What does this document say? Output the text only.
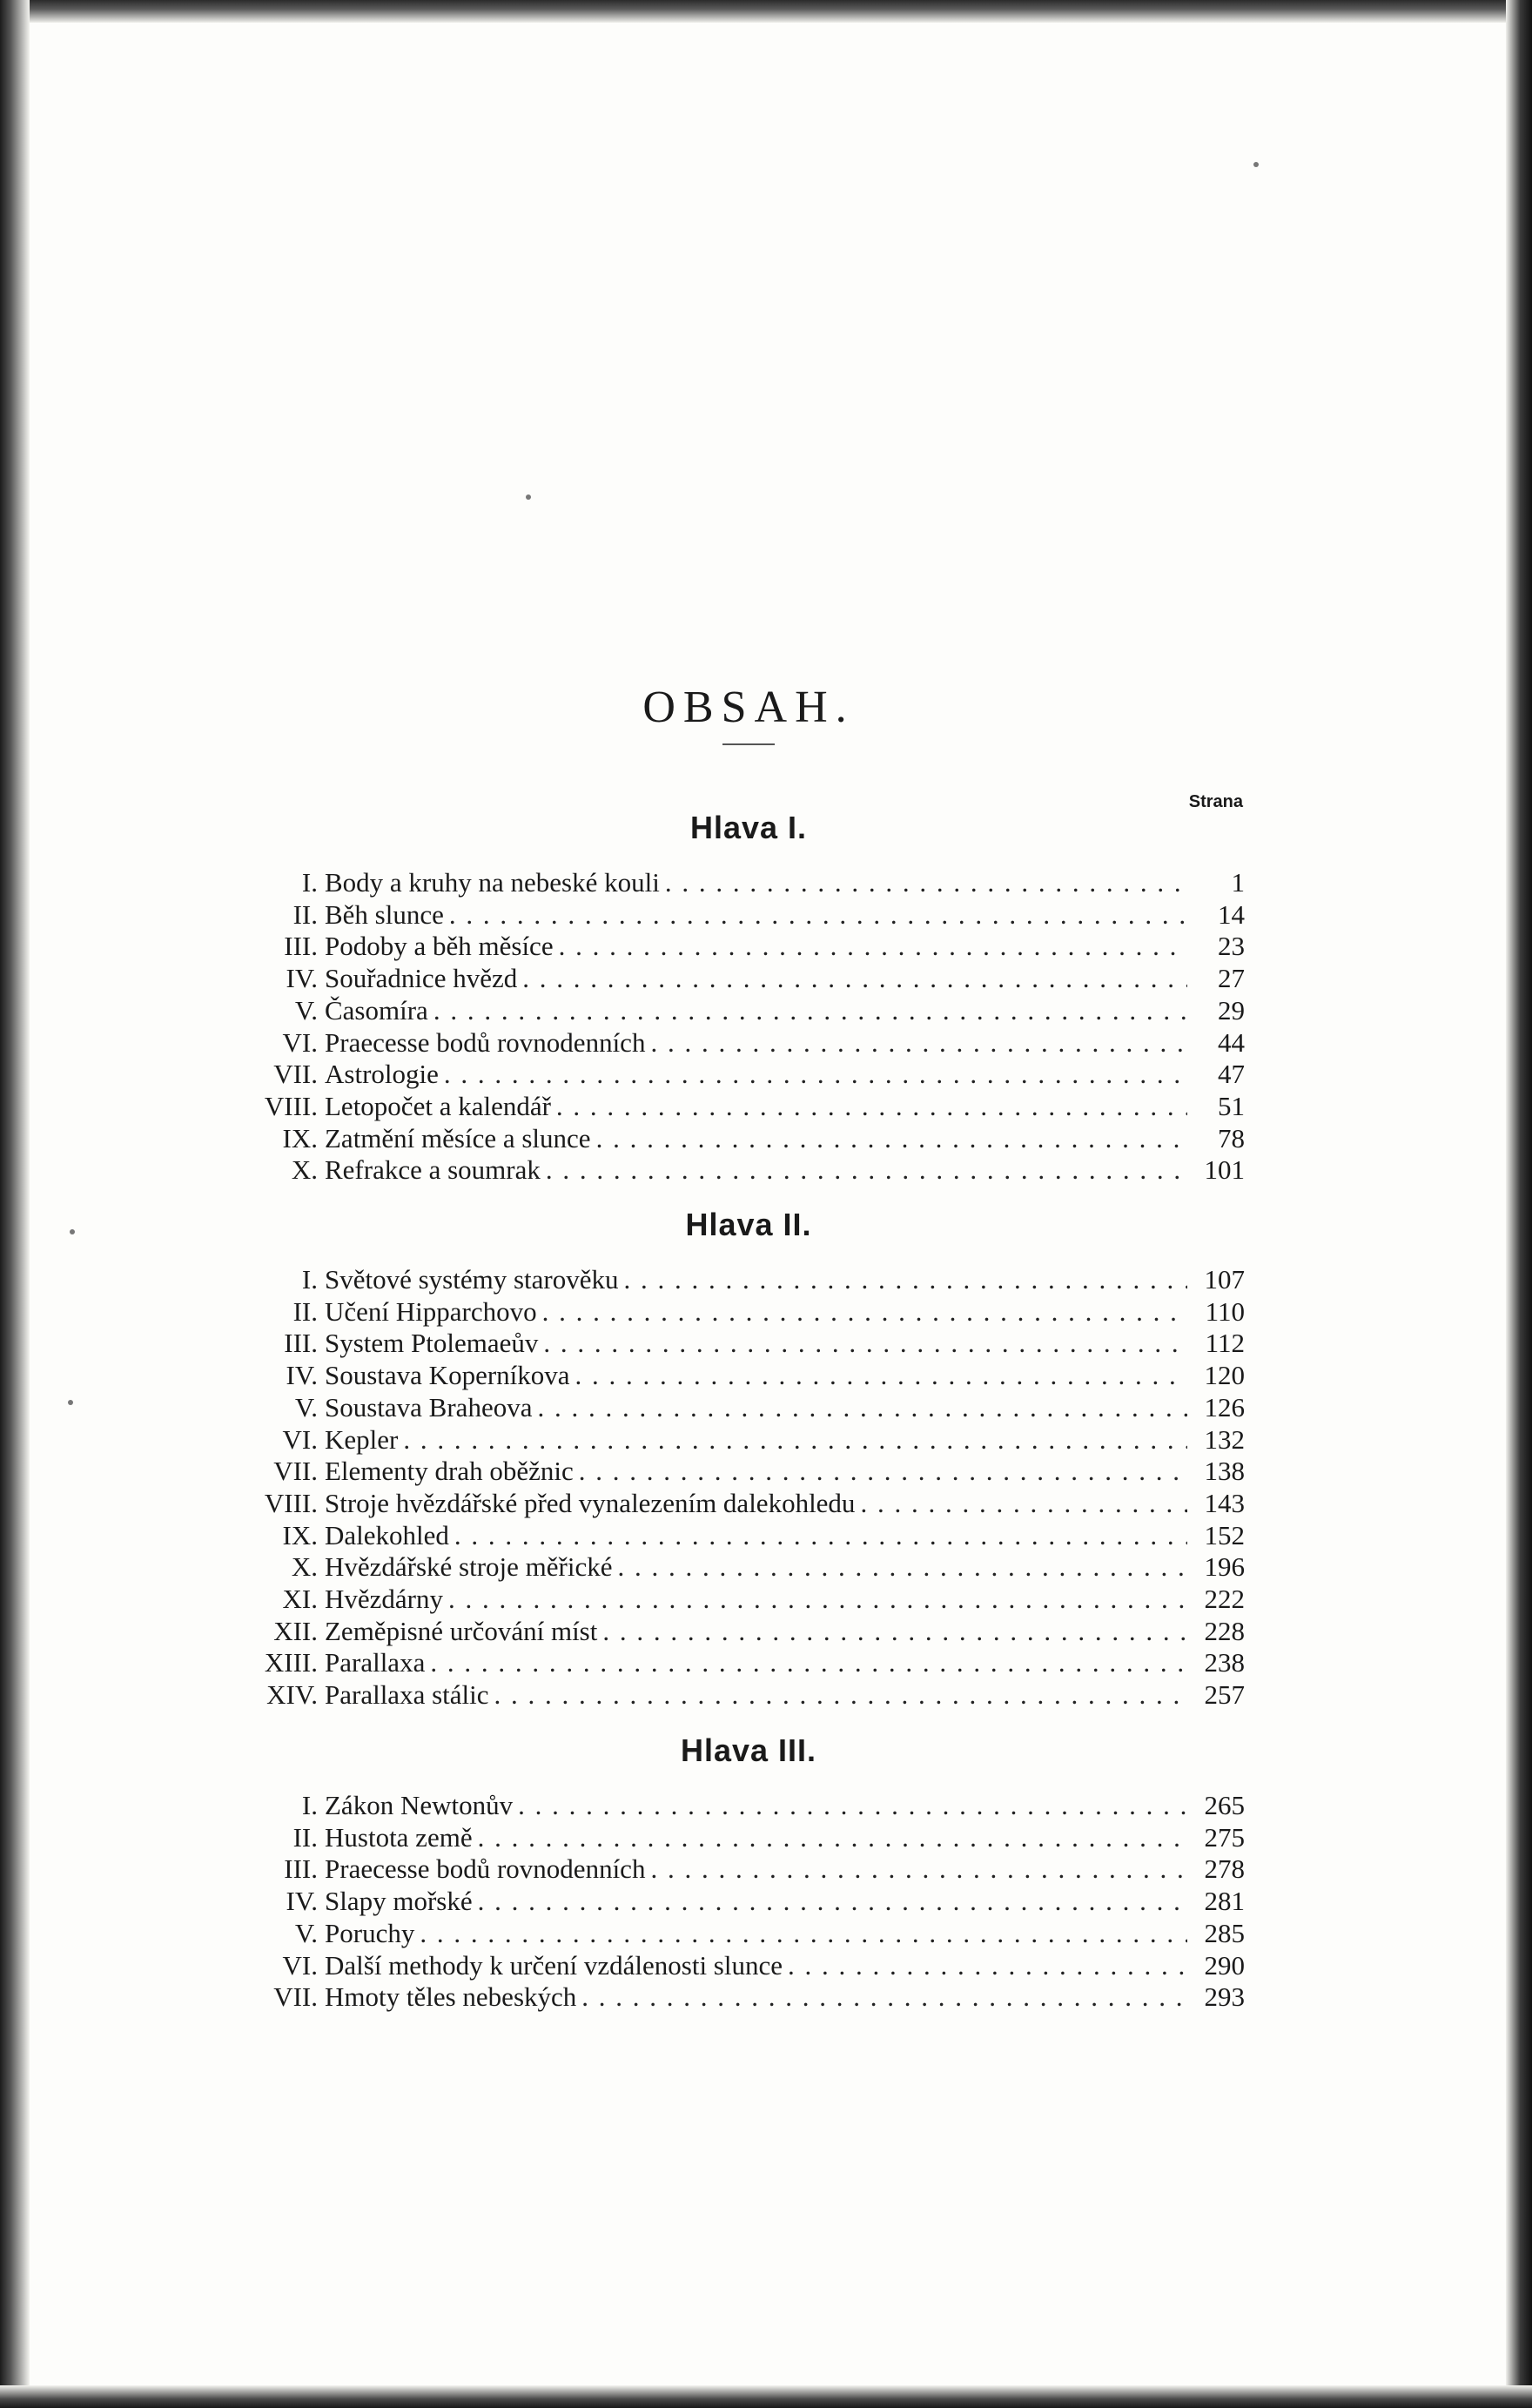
OBSAH.
Strana
Hlava I.
I. Body a kruhy na nebeské kouli . . .	1
II. Běh slunce . . .	14
III. Podoby a běh měsíce . . .	23
IV. Souřadnice hvězd . . .	27
V. Časomíra . . .	29
VI. Praecesse bodů rovnodenních . . .	44
VII. Astrologie . . .	47
VIII. Letopočet a kalendář . . .	51
IX. Zatmění měsíce a slunce . . .	78
X. Refrakce a soumrak . . .	101
Hlava II.
I. Světové systémy starověku . . .	107
II. Učení Hipparchovo . . .	110
III. System Ptolemaeův . . .	112
IV. Soustava Koperníkova . . .	120
V. Soustava Braheova . . .	126
VI. Kepler . . .	132
VII. Elementy drah oběžnic . . .	138
VIII. Stroje hvězdářské před vynalezením dalekohledu . . .	143
IX. Dalekohled . . .	152
X. Hvězdářské stroje měřické . . .	196
XI. Hvězdárny . . .	222
XII. Zeměpisné určování míst . . .	228
XIII. Parallaxa . . .	238
XIV. Parallaxa stálic . . .	257
Hlava III.
I. Zákon Newtonův . . .	265
II. Hustota země . . .	275
III. Praecesse bodů rovnodenních . . .	278
IV. Slapy mořské . . .	281
V. Poruchy . . .	285
VI. Další methody k určení vzdálenosti slunce . . .	290
VII. Hmoty těles nebeských . . .	293
